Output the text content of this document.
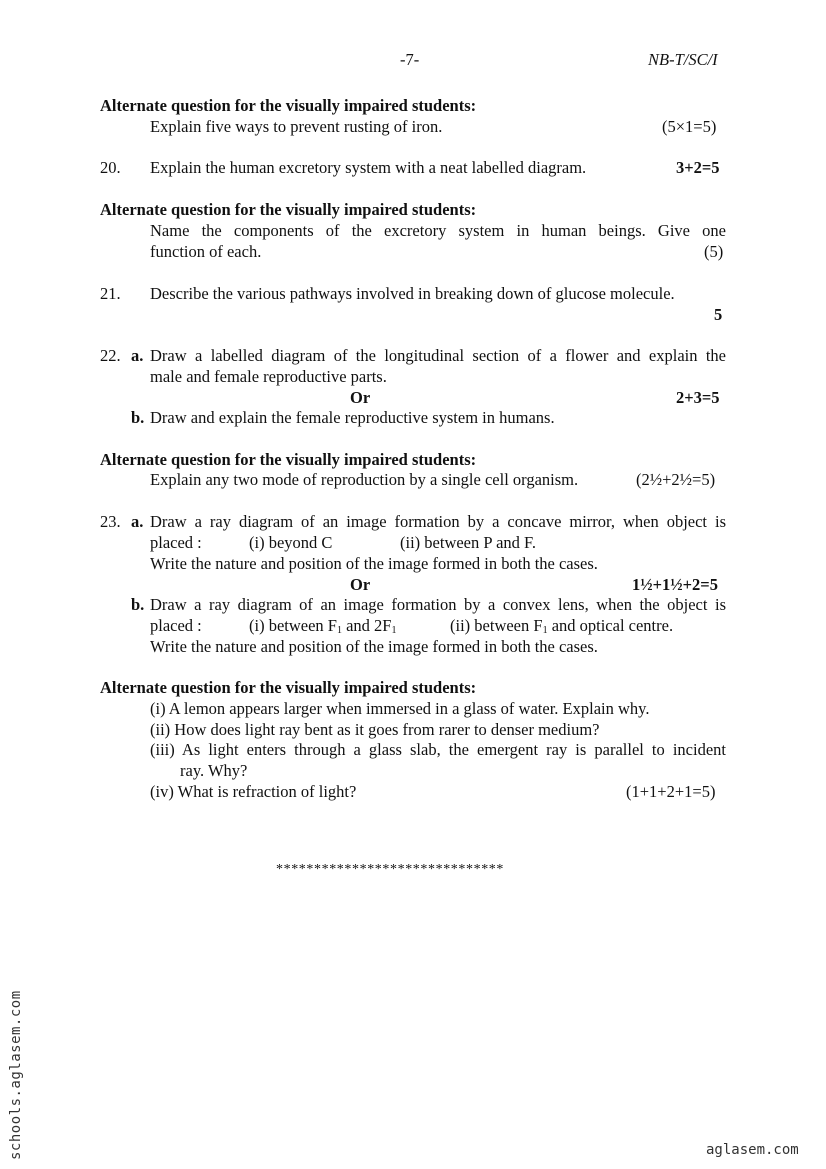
-7-	NB-T/SC/I
Alternate question for the visually impaired students:
Explain five ways to prevent rusting of iron.	(5×1=5)
20. Explain the human excretory system with a neat labelled diagram.	3+2=5
Alternate question for the visually impaired students:
Name the components of the excretory system in human beings. Give one
function of each.	(5)
21. Describe the various pathways involved in breaking down of glucose molecule.
5
22. a. Draw a labelled diagram of the longitudinal section of a flower and explain the
male and female reproductive parts.
Or	2+3=5
b. Draw and explain the female reproductive system in humans.
Alternate question for the visually impaired students:
Explain any two mode of reproduction by a single cell organism.	(2½+2½=5)
23. a. Draw a ray diagram of an image formation by a concave mirror, when object is
placed :	(i) beyond C	(ii) between P and F.
Write the nature and position of the image formed in both the cases.
Or	1½+1½+2=5
b. Draw a ray diagram of an image formation by a convex lens, when the object is
placed :	(i) between $F_1$ and $2F_1$	(ii) between $F_1$ and optical centre.
Write the nature and position of the image formed in both the cases.
Alternate question for the visually impaired students:
(i) A lemon appears larger when immersed in a glass of water. Explain why.
(ii) How does light ray bent as it goes from rarer to denser medium?
(iii) As light enters through a glass slab, the emergent ray is parallel to incident
ray. Why?
(iv) What is refraction of light?	(1+1+2+1=5)
******************************
schools.aglasem.com	aglasem.com
